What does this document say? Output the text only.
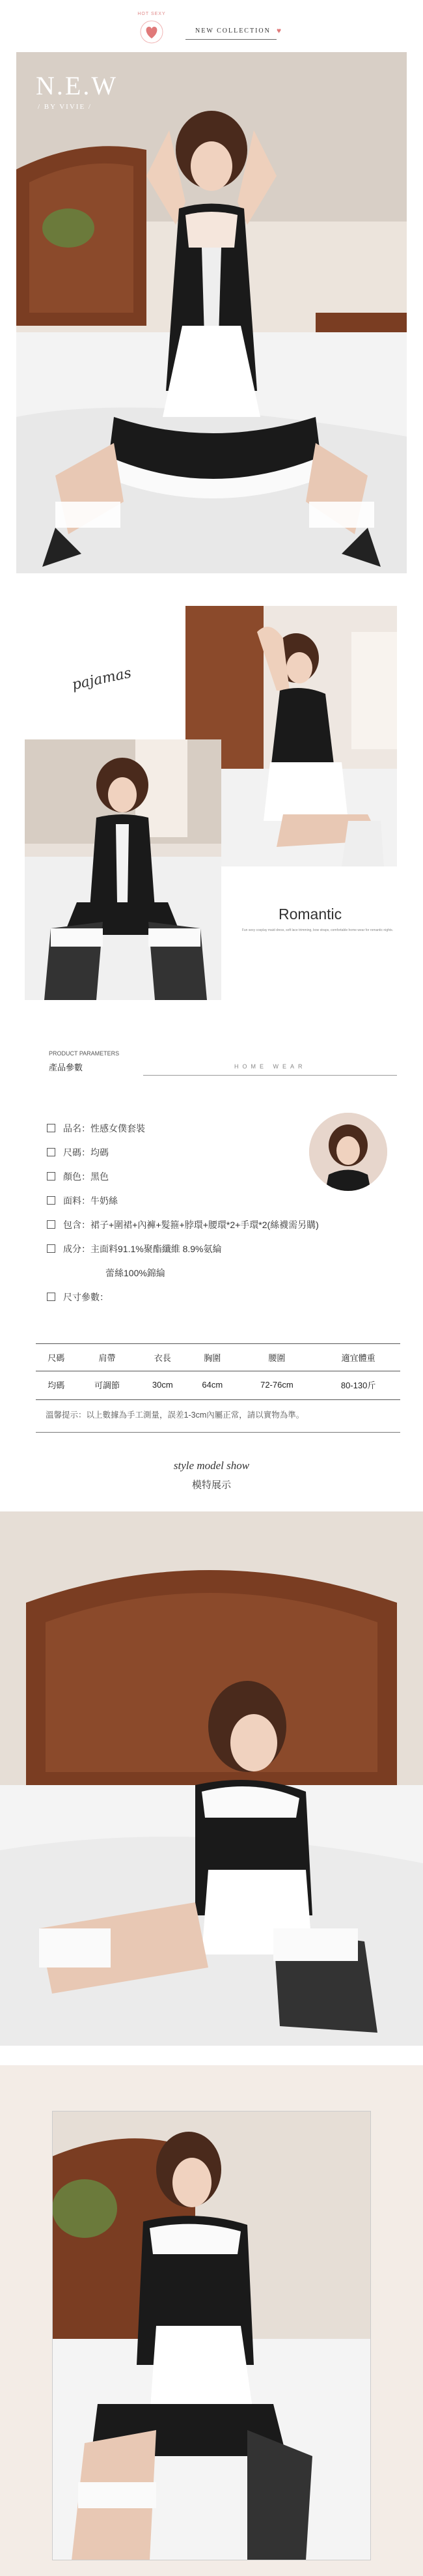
HOT SEXY
NEW COLLECTION ♥
N.E.W
/ BY VIVIE /
pajamas
Romantic
Fun sexy cosplay maid dress, soft lace trimming, bow straps, comfortable home wear for romantic nights.
PRODUCT PARAMETERS
產品參數	HOME WEAR
品名：性感女僕套裝
尺碼：均碼
顏色：黑色
面料：牛奶絲
包含：裙子+圍裙+內褲+髮箍+脖環+腰環*2+手環*2(絲襪需另購)
成分：主面料91.1%聚酯纖維 8.9%氨綸
蕾絲100%錦綸
尺寸參數：
尺碼	肩帶	衣長	胸圍	腰圍	適宜體重
均碼	可調節	30cm	64cm	72-76cm	80-130斤
溫馨提示：以上數據為手工測量，誤差1-3cm內屬正常，請以實物為準。
style model show
模特展示
